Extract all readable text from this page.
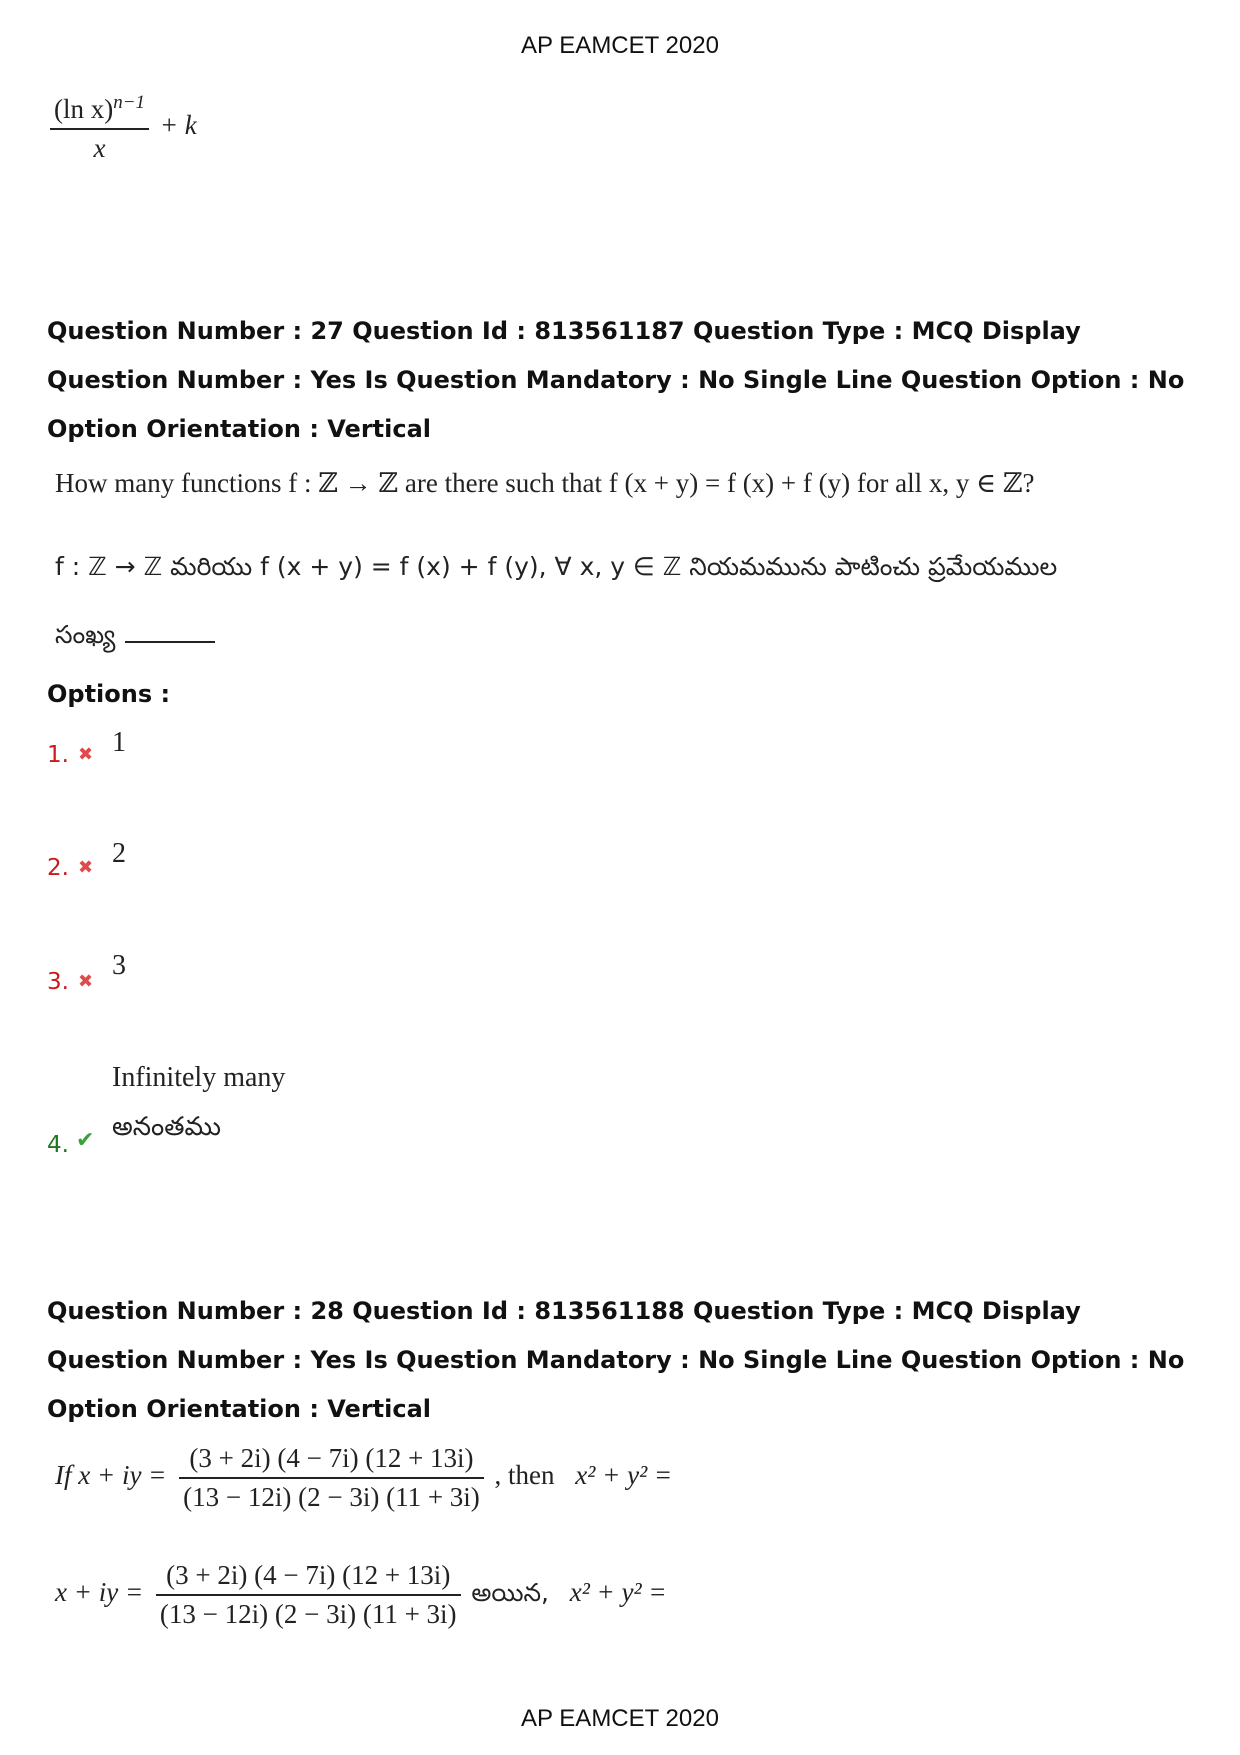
AP EAMCET 2020
$\frac{(\ln x)^{n-1}}{x} + k$
Question Number : 27 Question Id : 813561187 Question Type : MCQ Display Question Number : Yes Is Question Mandatory : No Single Line Question Option : No Option Orientation : Vertical
How many functions f : ℤ → ℤ are there such that f (x + y) = f (x) + f (y) for all x, y ∈ ℤ?
f : ℤ → ℤ మరియు f (x + y) = f (x) + f (y), ∀ x, y ∈ ℤ నియమమును పాటించు ప్రమేయముల
సంఖ్య
Options :
1. ✖ 1
2. ✖ 2
3. ✖
3
Infinitely many
4. ✔ అనంతము
Question Number : 28 Question Id : 813561188 Question Type : MCQ Display Question Number : Yes Is Question Mandatory : No Single Line Question Option : No Option Orientation : Vertical
If x + iy = $\frac{(3 + 2i) (4 - 7i) (12 + 13i)}{(13 - 12i) (2 - 3i) (11 + 3i)}$ , then x² + y² =
x + iy = $\frac{(3 + 2i) (4 - 7i) (12 + 13i)}{(13 - 12i) (2 - 3i) (11 + 3i)}$ అయిన, x² + y² =
AP EAMCET 2020
